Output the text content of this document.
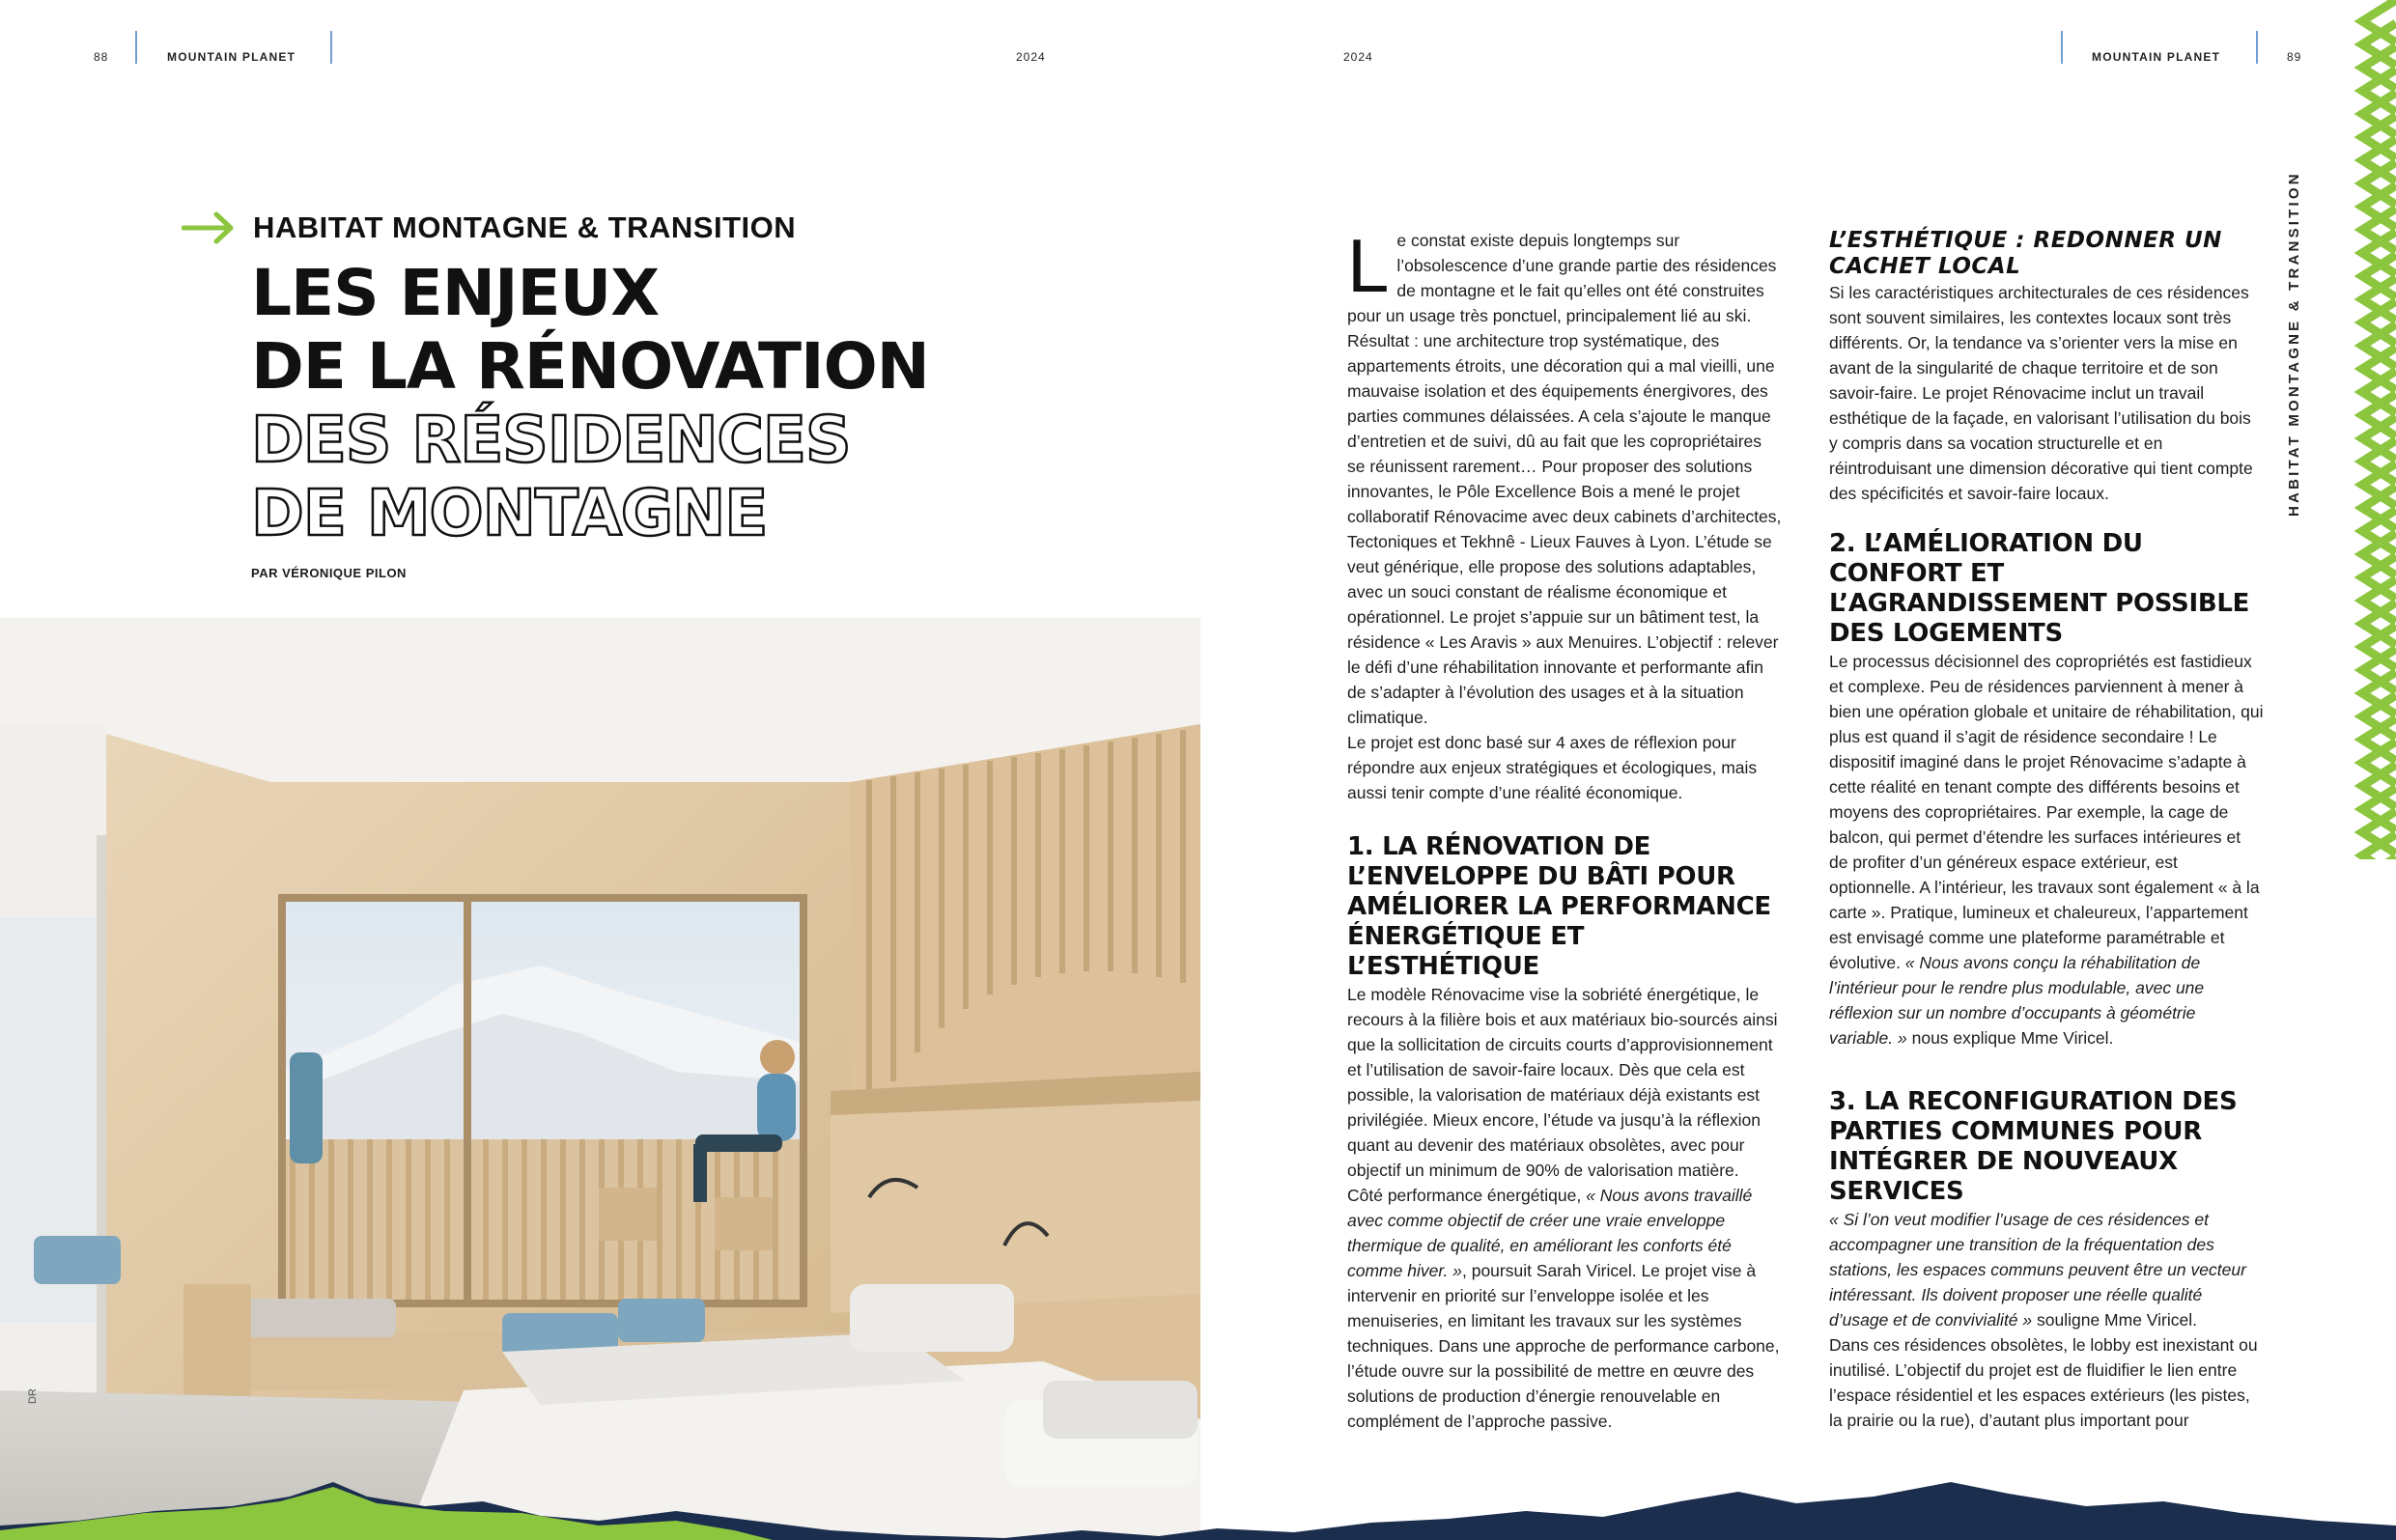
88	MOUNTAIN PLANET	2024	2024	MOUNTAIN PLANET	89
HABITAT MONTAGNE & TRANSITION
LES ENJEUX
DE LA RÉNOVATION
DES RÉSIDENCES
DE MONTAGNE
PAR VÉRONIQUE PILON
DR

Le constat existe depuis longtemps sur l’obsolescence d’une grande partie des résidences de montagne et le fait qu’elles ont été construites pour un usage très ponctuel, principalement lié au ski. Résultat : une architecture trop systématique, des appartements étroits, une décoration qui a mal vieilli, une mauvaise isolation et des équipements énergivores, des parties communes délaissées. A cela s’ajoute le manque d’entretien et de suivi, dû au fait que les copropriétaires se réunissent rarement… Pour proposer des solutions innovantes, le Pôle Excellence Bois a mené le projet collaboratif Rénovacime avec deux cabinets d’architectes, Tectoniques et Tekhnê - Lieux Fauves à Lyon. L’étude se veut générique, elle propose des solutions adaptables, avec un souci constant de réalisme économique et opérationnel. Le projet s’appuie sur un bâtiment test, la résidence « Les Aravis » aux Menuires. L’objectif : relever le défi d’une réhabilitation innovante et performante afin de s’adapter à l’évolution des usages et à la situation climatique.

Le projet est donc basé sur 4 axes de réflexion pour répondre aux enjeux stratégiques et écologiques, mais aussi tenir compte d’une réalité économique.

1. LA RÉNOVATION DE L’ENVELOPPE DU BÂTI POUR AMÉLIORER LA PERFORMANCE ÉNERGÉTIQUE ET L’ESTHÉTIQUE

Le modèle Rénovacime vise la sobriété énergétique, le recours à la filière bois et aux matériaux bio-sourcés ainsi que la sollicitation de circuits courts d’approvisionnement et l’utilisation de savoir-faire locaux. Dès que cela est possible, la valorisation de matériaux déjà existants est privilégiée. Mieux encore, l’étude va jusqu’à la réflexion quant au devenir des matériaux obsolètes, avec pour objectif un minimum de 90% de valorisation matière.

Côté performance énergétique, « Nous avons travaillé avec comme objectif de créer une vraie enveloppe thermique de qualité, en améliorant les conforts été comme hiver. », poursuit Sarah Viricel. Le projet vise à intervenir en priorité sur l’enveloppe isolée et les menuiseries, en limitant les travaux sur les systèmes techniques. Dans une approche de performance carbone, l’étude ouvre sur la possibilité de mettre en œuvre des solutions de production d’énergie renouvelable en complément de l’approche passive.

L’ESTHÉTIQUE : REDONNER UN CACHET LOCAL

Si les caractéristiques architecturales de ces résidences sont souvent similaires, les contextes locaux sont très différents. Or, la tendance va s’orienter vers la mise en avant de la singularité de chaque territoire et de son savoir-faire. Le projet Rénovacime inclut un travail esthétique de la façade, en valorisant l’utilisation du bois y compris dans sa vocation structurelle et en réintroduisant une dimension décorative qui tient compte des spécificités et savoir-faire locaux.

2. L’AMÉLIORATION DU CONFORT ET L’AGRANDISSEMENT POSSIBLE DES LOGEMENTS

Le processus décisionnel des copropriétés est fastidieux et complexe. Peu de résidences parviennent à mener à bien une opération globale et unitaire de réhabilitation, qui plus est quand il s’agit de résidence secondaire ! Le dispositif imaginé dans le projet Rénovacime s’adapte à cette réalité en tenant compte des différents besoins et moyens des copropriétaires. Par exemple, la cage de balcon, qui permet d’étendre les surfaces intérieures et de profiter d’un généreux espace extérieur, est optionnelle. A l’intérieur, les travaux sont également « à la carte ». Pratique, lumineux et chaleureux, l’appartement est envisagé comme une plateforme paramétrable et évolutive. « Nous avons conçu la réhabilitation de l’intérieur pour le rendre plus modulable, avec une réflexion sur un nombre d’occupants à géométrie variable. » nous explique Mme Viricel.

3. LA RECONFIGURATION DES PARTIES COMMUNES POUR INTÉGRER DE NOUVEAUX SERVICES

« Si l’on veut modifier l’usage de ces résidences et accompagner une transition de la fréquentation des stations, les espaces communs peuvent être un vecteur intéressant. Ils doivent proposer une réelle qualité d’usage et de convivialité » souligne Mme Viricel.

Dans ces résidences obsolètes, le lobby est inexistant ou inutilisé. L’objectif du projet est de fluidifier le lien entre l’espace résidentiel et les espaces extérieurs (les pistes, la prairie ou la rue), d’autant plus important pour

HABITAT MONTAGNE & TRANSITION
